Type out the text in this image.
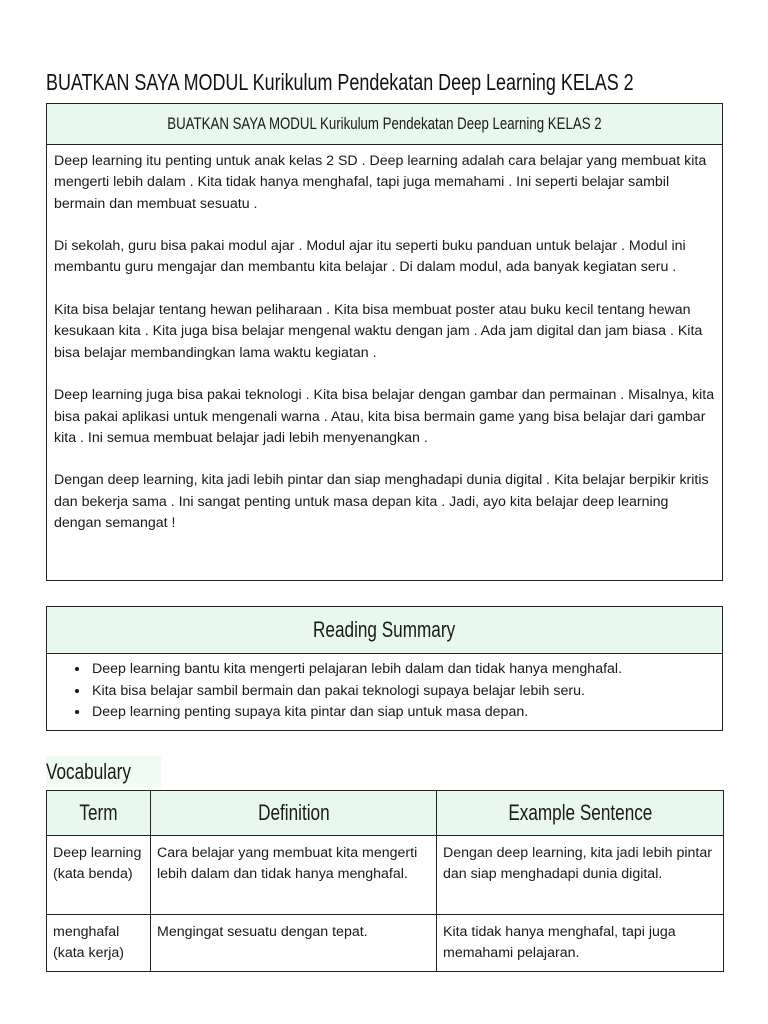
BUATKAN SAYA MODUL Kurikulum Pendekatan Deep Learning KELAS 2
BUATKAN SAYA MODUL Kurikulum Pendekatan Deep Learning KELAS 2

Deep learning itu penting untuk anak kelas 2 SD . Deep learning adalah cara belajar yang membuat kita mengerti lebih dalam . Kita tidak hanya menghafal, tapi juga memahami . Ini seperti belajar sambil bermain dan membuat sesuatu .

Di sekolah, guru bisa pakai modul ajar . Modul ajar itu seperti buku panduan untuk belajar . Modul ini membantu guru mengajar dan membantu kita belajar . Di dalam modul, ada banyak kegiatan seru .

Kita bisa belajar tentang hewan peliharaan . Kita bisa membuat poster atau buku kecil tentang hewan kesukaan kita . Kita juga bisa belajar mengenal waktu dengan jam . Ada jam digital dan jam biasa . Kita bisa belajar membandingkan lama waktu kegiatan .

Deep learning juga bisa pakai teknologi . Kita bisa belajar dengan gambar dan permainan . Misalnya, kita bisa pakai aplikasi untuk mengenali warna . Atau, kita bisa bermain game yang bisa belajar dari gambar kita . Ini semua membuat belajar jadi lebih menyenangkan .

Dengan deep learning, kita jadi lebih pintar dan siap menghadapi dunia digital . Kita belajar berpikir kritis dan bekerja sama . Ini sangat penting untuk masa depan kita . Jadi, ayo kita belajar deep learning dengan semangat !

Reading Summary
• Deep learning bantu kita mengerti pelajaran lebih dalam dan tidak hanya menghafal.
• Kita bisa belajar sambil bermain dan pakai teknologi supaya belajar lebih seru.
• Deep learning penting supaya kita pintar dan siap untuk masa depan.
Vocabulary
Term	Definition	Example Sentence
Deep learning (kata benda)	Cara belajar yang membuat kita mengerti lebih dalam dan tidak hanya menghafal.	Dengan deep learning, kita jadi lebih pintar dan siap menghadapi dunia digital.
menghafal (kata kerja)	Mengingat sesuatu dengan tepat.	Kita tidak hanya menghafal, tapi juga memahami pelajaran.
